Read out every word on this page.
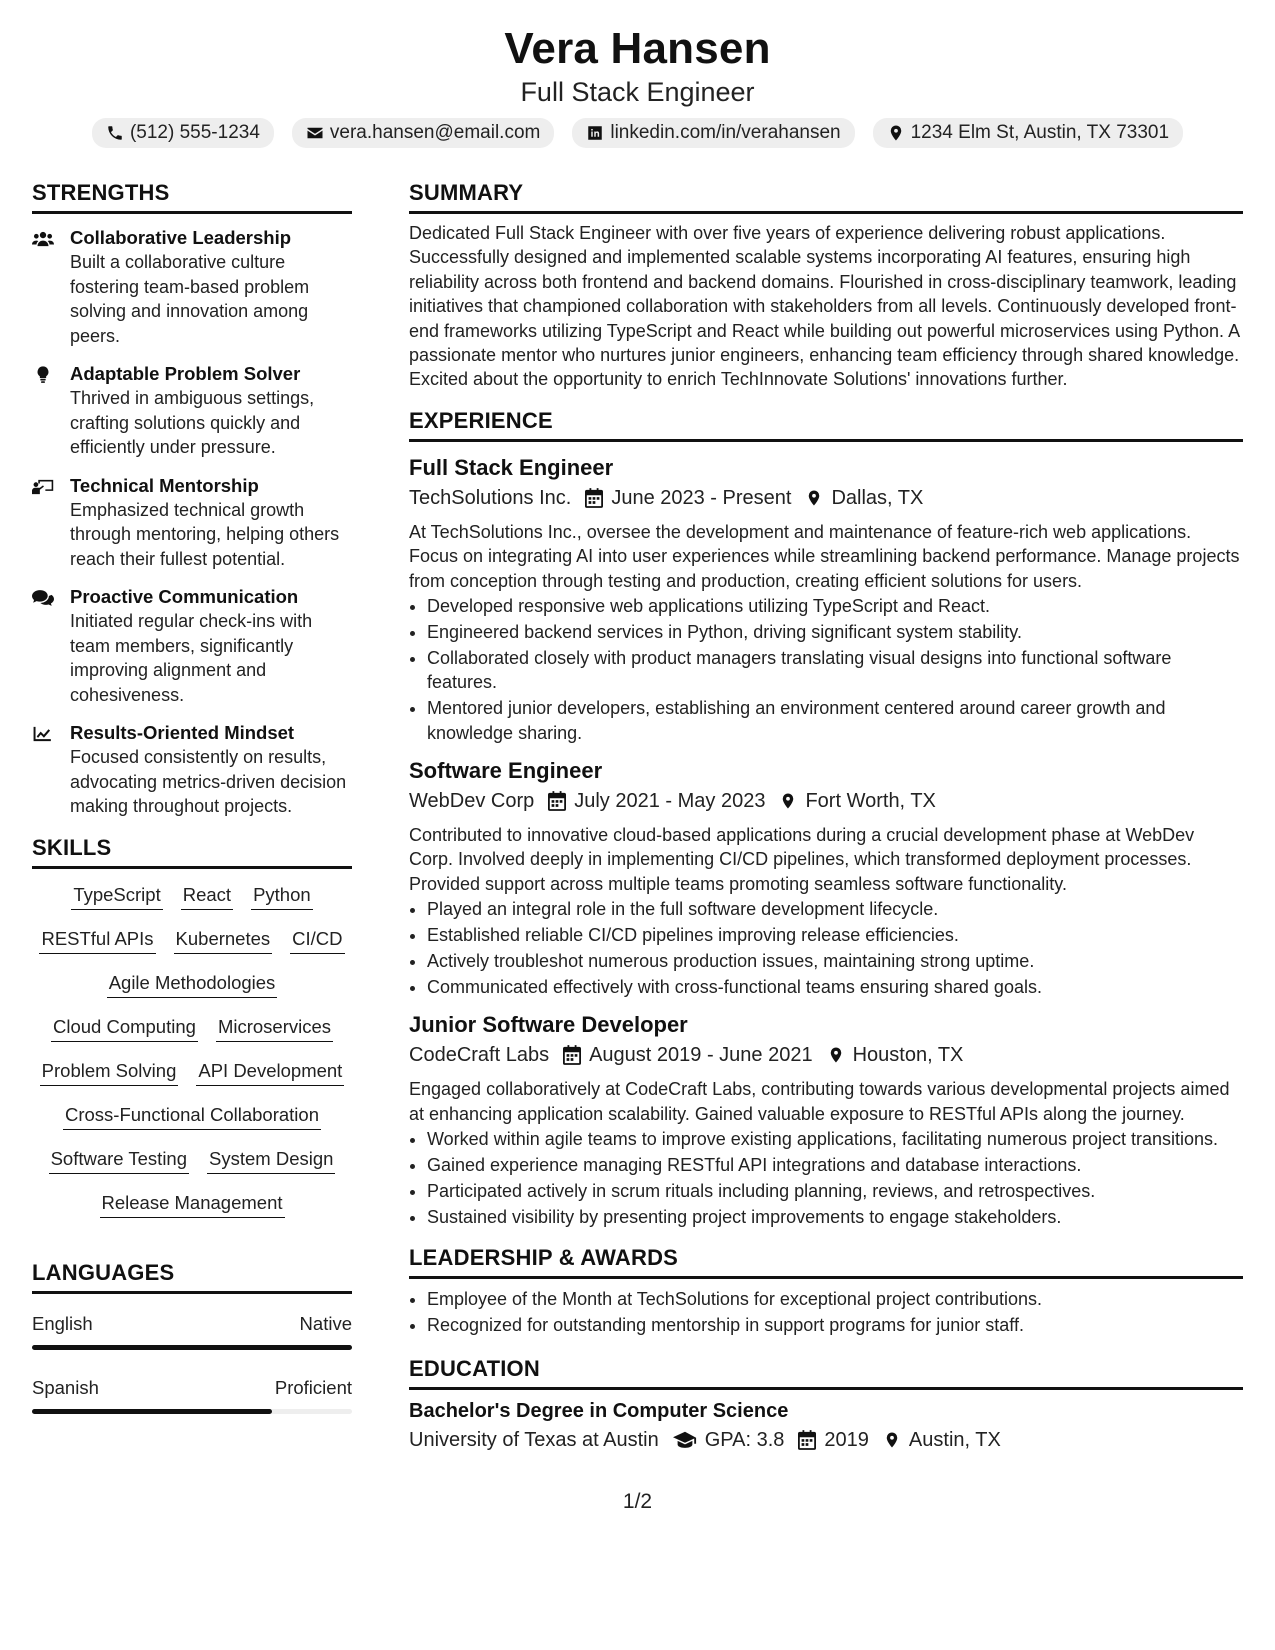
Vera Hansen
Full Stack Engineer
(512) 555-1234	vera.hansen@email.com	linkedin.com/in/verahansen	1234 Elm St, Austin, TX 73301
STRENGTHS
Collaborative Leadership
Built a collaborative culture fostering team-based problem solving and innovation among peers.
Adaptable Problem Solver
Thrived in ambiguous settings, crafting solutions quickly and efficiently under pressure.
Technical Mentorship
Emphasized technical growth through mentoring, helping others reach their fullest potential.
Proactive Communication
Initiated regular check-ins with team members, significantly improving alignment and cohesiveness.
Results-Oriented Mindset
Focused consistently on results, advocating metrics-driven decision making throughout projects.
SKILLS
TypeScript React Python
RESTful APIs Kubernetes CI/CD
Agile Methodologies
Cloud Computing Microservices
Problem Solving API Development
Cross-Functional Collaboration
Software Testing System Design
Release Management
LANGUAGES
English	Native
Spanish	Proficient
SUMMARY
Dedicated Full Stack Engineer with over five years of experience delivering robust applications. Successfully designed and implemented scalable systems incorporating AI features, ensuring high reliability across both frontend and backend domains. Flourished in cross-disciplinary teamwork, leading initiatives that championed collaboration with stakeholders from all levels. Continuously developed front-end frameworks utilizing TypeScript and React while building out powerful microservices using Python. A passionate mentor who nurtures junior engineers, enhancing team efficiency through shared knowledge. Excited about the opportunity to enrich TechInnovate Solutions' innovations further.
EXPERIENCE
Full Stack Engineer
TechSolutions Inc. June 2023 - Present Dallas, TX
At TechSolutions Inc., oversee the development and maintenance of feature-rich web applications. Focus on integrating AI into user experiences while streamlining backend performance. Manage projects from conception through testing and production, creating efficient solutions for users.
• Developed responsive web applications utilizing TypeScript and React.
• Engineered backend services in Python, driving significant system stability.
• Collaborated closely with product managers translating visual designs into functional software features.
• Mentored junior developers, establishing an environment centered around career growth and knowledge sharing.
Software Engineer
WebDev Corp July 2021 - May 2023 Fort Worth, TX
Contributed to innovative cloud-based applications during a crucial development phase at WebDev Corp. Involved deeply in implementing CI/CD pipelines, which transformed deployment processes. Provided support across multiple teams promoting seamless software functionality.
• Played an integral role in the full software development lifecycle.
• Established reliable CI/CD pipelines improving release efficiencies.
• Actively troubleshot numerous production issues, maintaining strong uptime.
• Communicated effectively with cross-functional teams ensuring shared goals.
Junior Software Developer
CodeCraft Labs August 2019 - June 2021 Houston, TX
Engaged collaboratively at CodeCraft Labs, contributing towards various developmental projects aimed at enhancing application scalability. Gained valuable exposure to RESTful APIs along the journey.
• Worked within agile teams to improve existing applications, facilitating numerous project transitions.
• Gained experience managing RESTful API integrations and database interactions.
• Participated actively in scrum rituals including planning, reviews, and retrospectives.
• Sustained visibility by presenting project improvements to engage stakeholders.
LEADERSHIP & AWARDS
• Employee of the Month at TechSolutions for exceptional project contributions.
• Recognized for outstanding mentorship in support programs for junior staff.
EDUCATION
Bachelor's Degree in Computer Science
University of Texas at Austin GPA: 3.8 2019 Austin, TX
1/2
